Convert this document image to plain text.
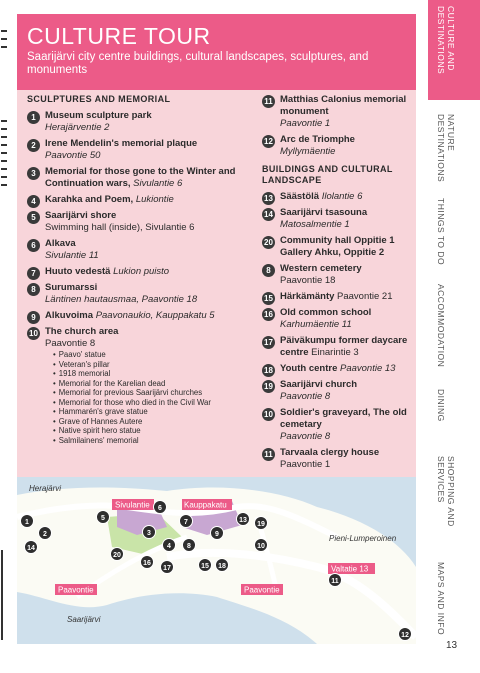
CULTURE TOUR

Saarijärvi city centre buildings, cultural landscapes, sculptures, and monuments

SCULPTURES AND MEMORIAL
1 Museum sculpture park
Herajärventie 2
2 Irene Mendelin's memorial plaque
Paavontie 50
3 Memorial for those gone to the Winter and Continuation wars, Sivulantie 6
4 Karahka and Poem, Lukiontie
5 Saarijärvi shore
Swimming hall (inside), Sivulantie 6
6 Alkava
Sivulantie 11
7 Huuto vedestä Lukion puisto
8 Surumarssi
Läntinen hautausmaa, Paavontie 18
9 Alkuvoima Paavonaukio, Kauppakatu 5
10 The church area
Paavontie 8
• Paavo' statue
• Veteran's pillar
• 1918 memorial
• Memorial for the Karelian dead
• Memorial for previous Saarijärvi churches
• Memorial for those who died in the Civil War
• Hammarén's grave statue
• Grave of Hannes Autere
• Native spirit hero statue
• Salmilainens' memorial
11 Matthias Calonius memorial monument
Paavontie 1
12 Arc de Triomphe
Myllymäentie
BUILDINGS AND CULTURAL LANDSCAPE
13 Säästölä Ilolantie 6
14 Saarijärvi tsasouna
Matosalmentie 1
20 Community hall Oppitie 1 Gallery Ahku, Oppitie 2
8 Western cemetery
Paavontie 18
15 Härkämänty Paavontie 21
16 Old common school
Karhumäentie 11
17 Päiväkumpu former daycare centre Einarintie 3
18 Youth centre Paavontie 13
19 Saarijärvi church
Paavontie 8
10 Soldier's graveyard, The old cemetary
Paavontie 8
11 Tarvaala clergy house
Paavontie 1
Herajärvi
Pieni-Lumperoinen
Saarijärvi
Sivulantie	Kauppakatu
Paavontie	Paavontie
Valtatie 13
1
2	3
4
5
6
7
8
9
10
11
12
13
14
15
16
17	18
19
20
CULTURE AND DESTINATIONS
NATURE DESTINATIONS
THINGS TO DO
ACCOMMODATION
DINING
SHOPPING AND SERVICES
MAPS AND INFO
13
